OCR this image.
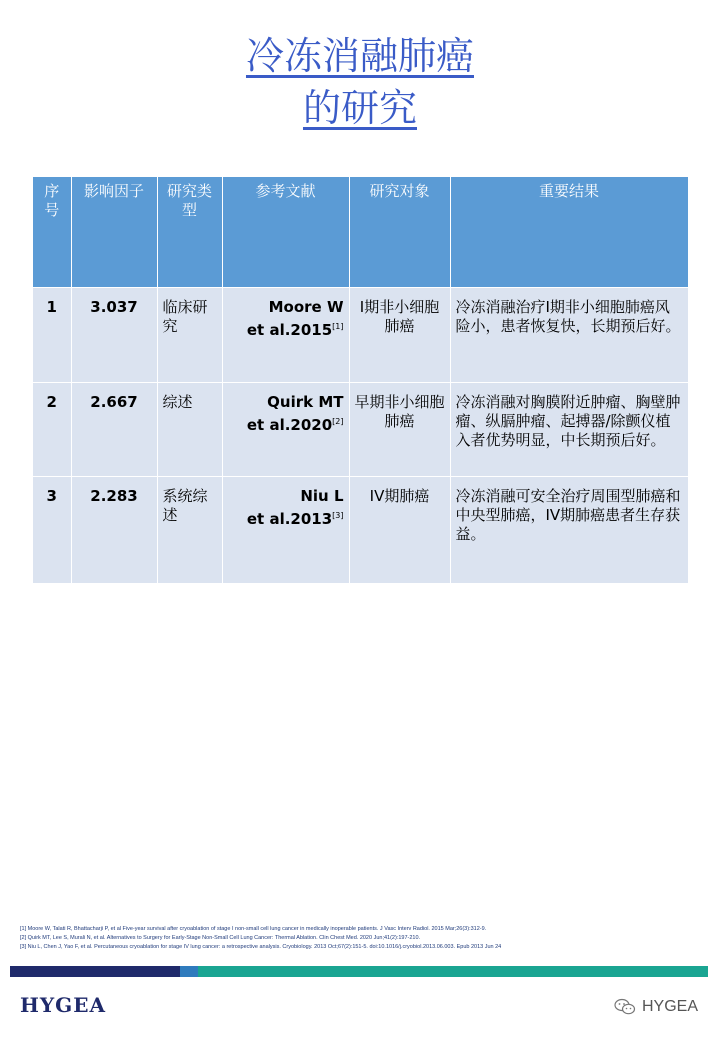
冷冻消融肺癌
的研究
序号	影响因子	研究类型	参考文献	研究对象	重要结果
1	3.037	临床研究	Moore W
et al.2015[1]	I期非小细胞肺癌	冷冻消融治疗I期非小细胞肺癌风险小，患者恢复快，长期预后好。
2	2.667	综述	Quirk MT
et al.2020[2]	早期非小细胞肺癌	冷冻消融对胸膜附近肿瘤、胸壁肿瘤、纵膈肿瘤、起搏器/除颤仪植入者优势明显，中长期预后好。
3	2.283	系统综述	Niu L
et al.2013[3]	IV期肺癌	冷冻消融可安全治疗周围型肺癌和中央型肺癌，IV期肺癌患者生存获益。
[1] Moore W, Talati R, Bhattacharji P, et al Five-year survival after cryoablation of stage I non-small cell lung cancer in medically inoperable patients. J Vasc Interv Radiol. 2015 Mar;26(3):312-9.
[2] Quirk MT, Lee S, Murali N, et al. Alternatives to Surgery for Early-Stage Non-Small Cell Lung Cancer: Thermal Ablation. Clin Chest Med. 2020 Jun;41(2):197-210.
[3] Niu L, Chen J, Yao F, et al. Percutaneous cryoablation for stage IV lung cancer: a retrospective analysis. Cryobiology. 2013 Oct;67(2):151-5. doi:10.1016/j.cryobiol.2013.06.003. Epub 2013 Jun 24
HYGEA	HYGEA
